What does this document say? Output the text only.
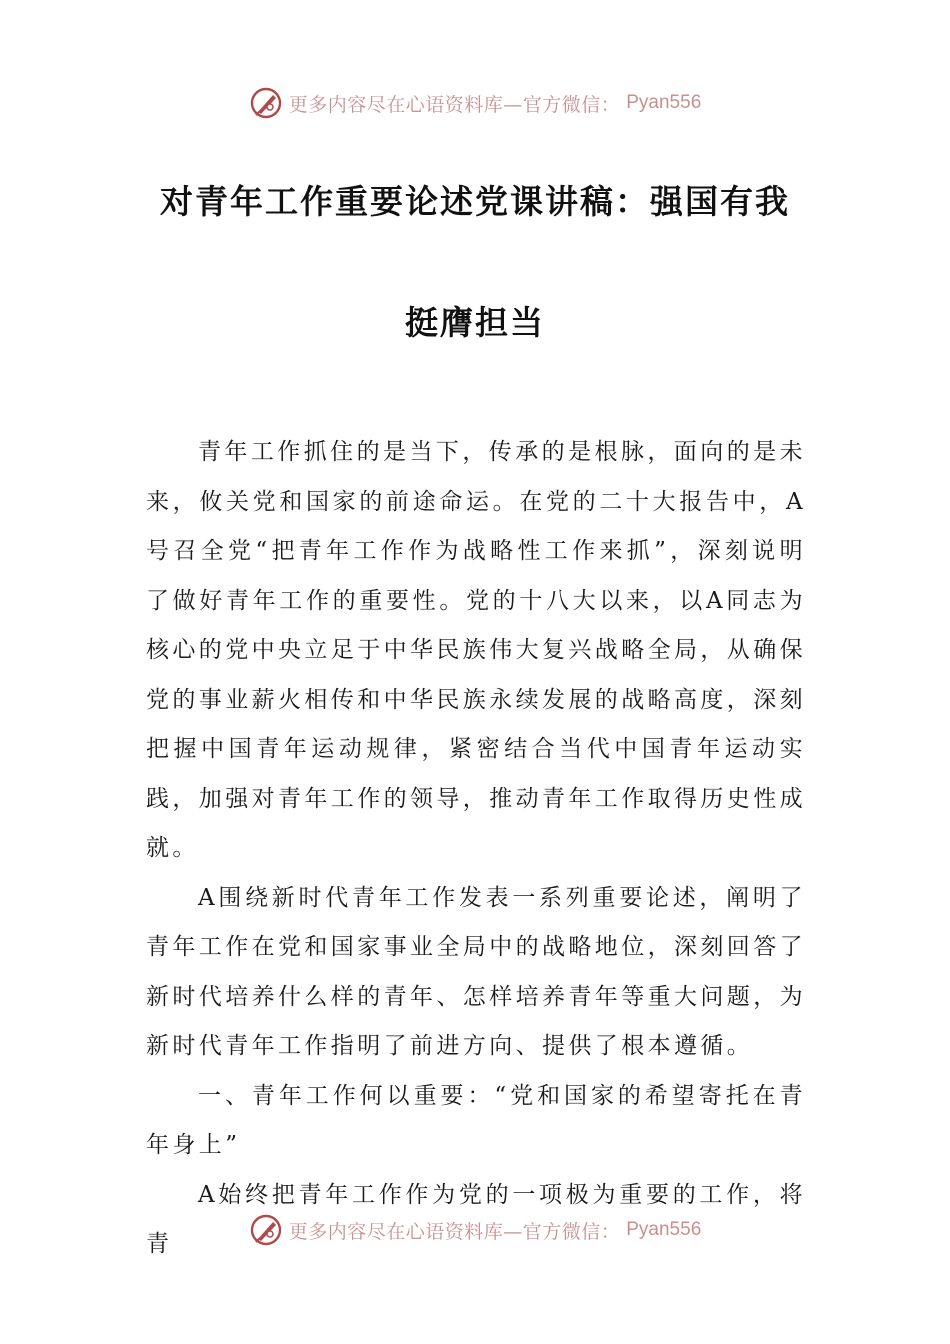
更多内容尽在心语资料库—官方微信： Pyan556
对青年工作重要论述党课讲稿：强国有我
挺膺担当

青年工作抓住的是当下，传承的是根脉，面向的是未来，攸关党和国家的前途命运。在党的二十大报告中，A号召全党“把青年工作作为战略性工作来抓”，深刻说明了做好青年工作的重要性。党的十八大以来，以A同志为核心的党中央立足于中华民族伟大复兴战略全局，从确保党的事业薪火相传和中华民族永续发展的战略高度，深刻把握中国青年运动规律，紧密结合当代中国青年运动实践，加强对青年工作的领导，推动青年工作取得历史性成就。

A围绕新时代青年工作发表一系列重要论述，阐明了青年工作在党和国家事业全局中的战略地位，深刻回答了新时代培养什么样的青年、怎样培养青年等重大问题，为新时代青年工作指明了前进方向、提供了根本遵循。

一、青年工作何以重要：“党和国家的希望寄托在青年身上”

A始终把青年工作作为党的一项极为重要的工作，将青	更多内容尽在心语资料库—官方微信： Pyan556
